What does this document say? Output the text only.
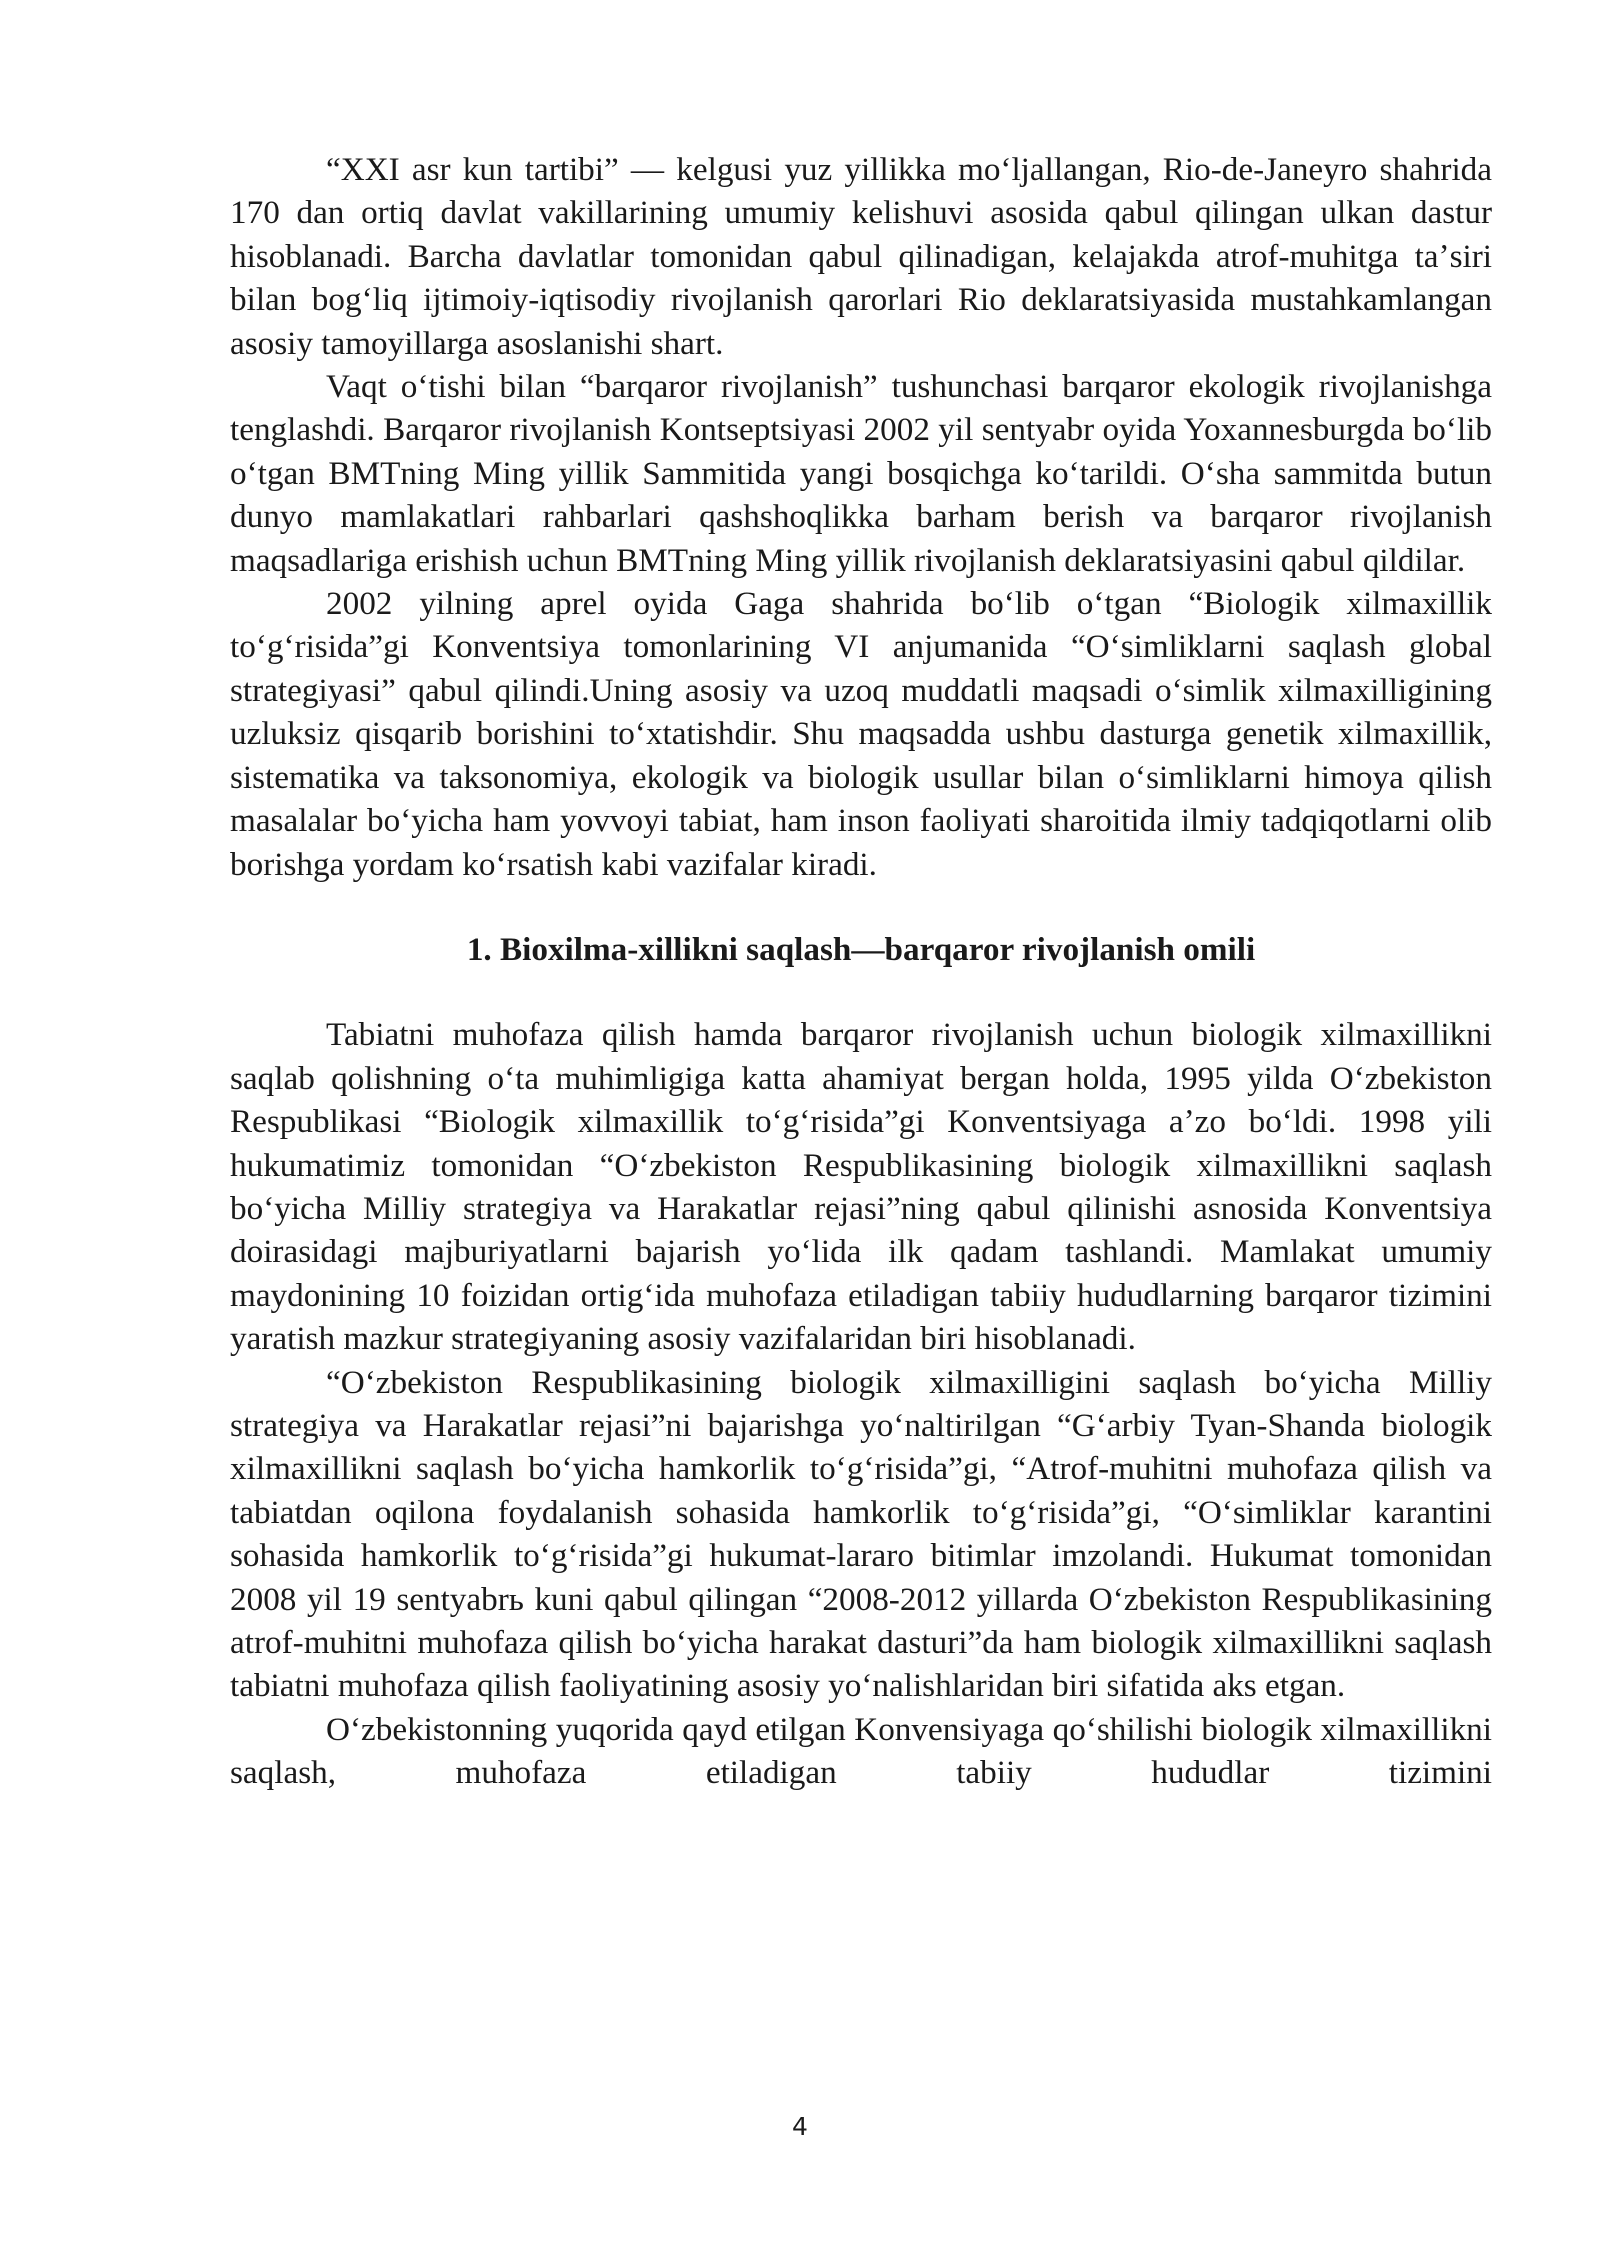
“XXI asr kun tartibi” — kelgusi yuz yillikka moʻljallangan, Rio-de-Janeyro shahrida 170 dan ortiq davlat vakillarining umumiy kelishuvi asosida qabul qilingan ulkan dastur hisoblanadi. Barcha davlatlar tomonidan qabul qilinadigan, kelajakda atrof-muhitga taʼsiri bilan bogʻliq ijtimoiy-iqtisodiy rivojlanish qarorlari Rio deklaratsiyasida mustahkamlangan asosiy tamoyillarga asoslanishi shart.

Vaqt oʻtishi bilan “barqaror rivojlanish” tushunchasi barqaror ekologik rivojlanishga tenglashdi. Barqaror rivojlanish Kontseptsiyasi 2002 yil sentyabr oyida Yoxannesburgda boʻlib oʻtgan BMTning Ming yillik Sammitida yangi bosqichga koʻtarildi. Oʻsha sammitda butun dunyo mamlakatlari rahbarlari qashshoqlikka barham berish va barqaror rivojlanish maqsadlariga erishish uchun BMTning Ming yillik rivojlanish deklaratsiyasini qabul qildilar.

2002 yilning aprel oyida Gaga shahrida boʻlib oʻtgan “Biologik xilmaxillik toʻgʻrisida”gi Konventsiya tomonlarining VI anjumanida “Oʻsimliklarni saqlash global strategiyasi” qabul qilindi.Uning asosiy va uzoq muddatli maqsadi oʻsimlik xilmaxilligining uzluksiz qisqarib borishini toʻxtatishdir. Shu maqsadda ushbu dasturga genetik xilmaxillik, sistematika va taksonomiya, ekologik va biologik usullar bilan oʻsimliklarni himoya qilish masalalar boʻyicha ham yovvoyi tabiat, ham inson faoliyati sharoitida ilmiy tadqiqotlarni olib borishga yordam koʻrsatish kabi vazifalar kiradi.

1. Bioxilma-xillikni saqlash—barqaror rivojlanish omili

Tabiatni muhofaza qilish hamda barqaror rivojlanish uchun biologik xilmaxillikni saqlab qolishning oʻta muhimligiga katta ahamiyat bergan holda, 1995 yilda Oʻzbekiston Respublikasi “Biologik xilmaxillik toʻgʻrisida”gi Konventsiyaga aʼzo boʻldi. 1998 yili hukumatimiz tomonidan “Oʻzbekiston Respublikasining biologik xilmaxillikni saqlash boʻyicha Milliy strategiya va Harakatlar rejasi”ning qabul qilinishi asnosida Konventsiya doirasidagi majburiyatlarni bajarish yoʻlida ilk qadam tashlandi. Mamlakat umumiy maydonining 10 foizidan ortigʻida muhofaza etiladigan tabiiy hududlarning barqaror tizimini yaratish mazkur strategiyaning asosiy vazifalaridan biri hisoblanadi.

“Oʻzbekiston Respublikasining biologik xilmaxilligini saqlash boʻyicha Milliy strategiya va Harakatlar rejasi”ni bajarishga yoʻnaltirilgan “Gʻarbiy Tyan-Shanda biologik xilmaxillikni saqlash boʻyicha hamkorlik toʻgʻrisida”gi, “Atrof-muhitni muhofaza qilish va tabiatdan oqilona foydalanish sohasida hamkorlik toʻgʻrisida”gi, “Oʻsimliklar karantini sohasida hamkorlik toʻgʻrisida”gi hukumat-lararo bitimlar imzolandi. Hukumat tomonidan 2008 yil 19 sentyabrь kuni qabul qilingan “2008-2012 yillarda Oʻzbekiston Respublikasining atrof-muhitni muhofaza qilish boʻyicha harakat dasturi”da ham biologik xilmaxillikni saqlash tabiatni muhofaza qilish faoliyatining asosiy yoʻnalishlaridan biri sifatida aks etgan.

Oʻzbekistonning yuqorida qayd etilgan Konvensiyaga qoʻshilishi biologik xilmaxillikni saqlash, muhofaza etiladigan tabiiy hududlar tizimini

4
